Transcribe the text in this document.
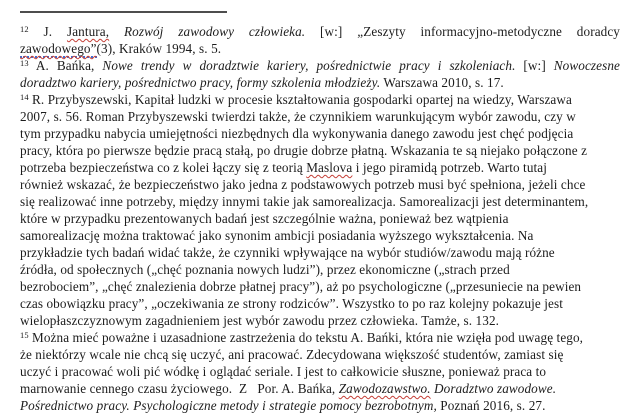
$^{12}$ J. Jantura, Rozwój zawodowy człowieka. [w:] „Zeszyty informacyjno-metodyczne doradcy
zawodowego”(3), Kraków 1994, s. 5.
$^{13}$ A. Bańka, Nowe trendy w doradztwie kariery, pośrednictwie pracy i szkoleniach. [w:] Nowoczesne
doradztwo kariery, pośrednictwo pracy, formy szkolenia młodzieży. Warszawa 2010, s. 17.
$^{14}$ R. Przybyszewski, Kapitał ludzki w procesie kształtowania gospodarki opartej na wiedzy, Warszawa
2007, s. 56. Roman Przybyszewski twierdzi także, że czynnikiem warunkującym wybór zawodu, czy w
tym przypadku nabycia umiejętności niezbędnych dla wykonywania danego zawodu jest chęć podjęcia
pracy, która po pierwsze będzie pracą stałą, po drugie dobrze płatną. Wskazania te są niejako połączone z
potrzeba bezpieczeństwa co z kolei łączy się z teorią Maslova i jego piramidą potrzeb. Warto tutaj
również wskazać, że bezpieczeństwo jako jedna z podstawowych potrzeb musi być spełniona, jeżeli chce
się realizować inne potrzeby, między innymi takie jak samorealizacja. Samorealizacji jest determinantem,
które w przypadku prezentowanych badań jest szczególnie ważna, ponieważ bez wątpienia
samorealizację można traktować jako synonim ambicji posiadania wyższego wykształcenia. Na
przykładzie tych badań widać także, że czynniki wpływające na wybór studiów/zawodu mają różne
źródła, od społecznych („chęć poznania nowych ludzi”), przez ekonomiczne („strach przed
bezrobociem”, „chęć znalezienia dobrze płatnej pracy”), aż po psychologiczne („przesuniecie na pewien
czas obowiązku pracy”, „oczekiwania ze strony rodziców”. Wszystko to po raz kolejny pokazuje jest
wielopłaszczyznowym zagadnieniem jest wybór zawodu przez człowieka. Tamże, s. 132.
$^{15}$ Można mieć poważne i uzasadnione zastrzeżenia do tekstu A. Bańki, która nie wzięła pod uwagę tego,
że niektórzy wcale nie chcą się uczyć, ani pracować. Zdecydowana większość studentów, zamiast się
uczyć i pracować woli pić wódkę i oglądać seriale. I jest to całkowicie słuszne, ponieważ praca to
marnowanie cennego czasu życiowego.  Z   Por. A. Bańka, Zawodozawstwo. Doradztwo zawodowe.
Pośrednictwo pracy. Psychologiczne metody i strategie pomocy bezrobotnym, Poznań 2016, s. 27.
